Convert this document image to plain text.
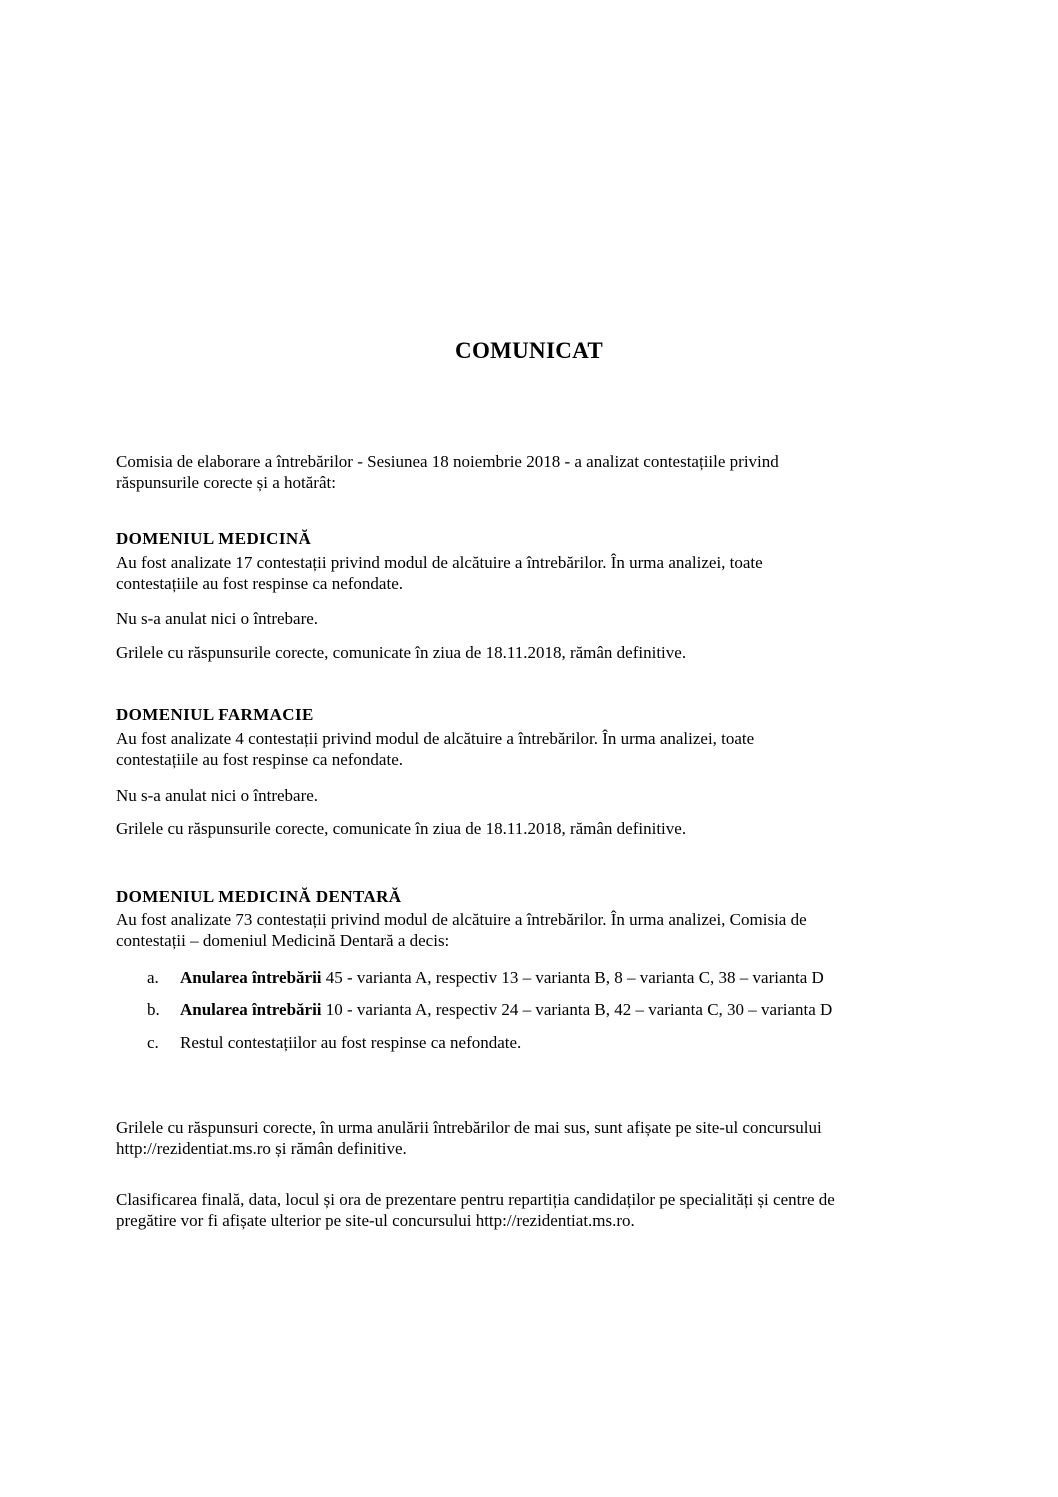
COMUNICAT
Comisia de elaborare a întrebărilor - Sesiunea 18 noiembrie 2018 - a analizat contestațiile privind
răspunsurile corecte și a hotărât:
DOMENIUL MEDICINĂ
Au fost analizate 17 contestații privind modul de alcătuire a întrebărilor. În urma analizei, toate
contestațiile au fost respinse ca nefondate.
Nu s-a anulat nici o întrebare.
Grilele cu răspunsurile corecte, comunicate în ziua de 18.11.2018, rămân definitive.
DOMENIUL FARMACIE
Au fost analizate 4 contestații privind modul de alcătuire a întrebărilor. În urma analizei, toate
contestațiile au fost respinse ca nefondate.
Nu s-a anulat nici o întrebare.
Grilele cu răspunsurile corecte, comunicate în ziua de 18.11.2018, rămân definitive.
DOMENIUL MEDICINĂ DENTARĂ
Au fost analizate 73 contestații privind modul de alcătuire a întrebărilor. În urma analizei, Comisia de
contestații – domeniul Medicină Dentară a decis:
a. Anularea întrebării 45 - varianta A, respectiv 13 – varianta B, 8 – varianta C, 38 – varianta D
b. Anularea întrebării 10 - varianta A, respectiv 24 – varianta B, 42 – varianta C, 30 – varianta D
c. Restul contestațiilor au fost respinse ca nefondate.
Grilele cu răspunsuri corecte, în urma anulării întrebărilor de mai sus, sunt afișate pe site-ul concursului
http://rezidentiat.ms.ro și rămân definitive.
Clasificarea finală, data, locul și ora de prezentare pentru repartiția candidaților pe specialități și centre de
pregătire vor fi afișate ulterior pe site-ul concursului http://rezidentiat.ms.ro.
